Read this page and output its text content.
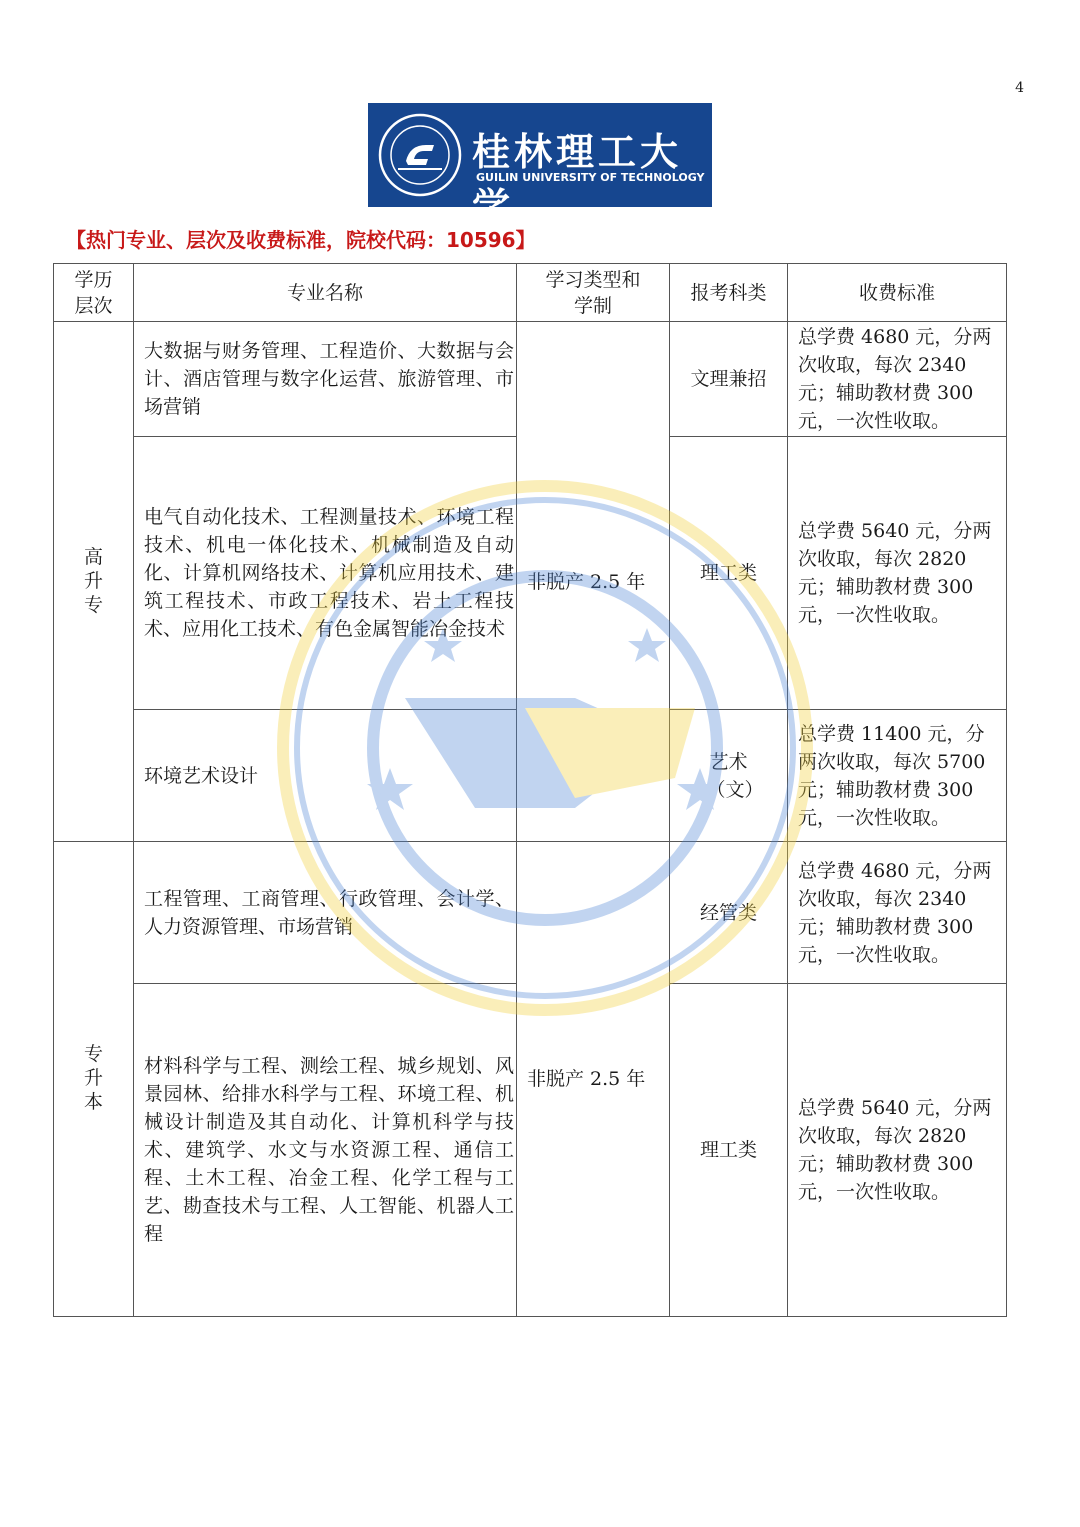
4
桂林理工大学
GUILIN UNIVERSITY OF TECHNOLOGY
【热门专业、层次及收费标准，院校代码：10596】
学历层次	专业名称	学习类型和学制	报考科类	收费标准
高升专	大数据与财务管理、工程造价、大数据与会计、酒店管理与数字化运营、旅游管理、市场营销	非脱产 2.5 年	文理兼招	总学费 4680 元，分两次收取，每次 2340 元；辅助教材费 300 元，一次性收取。
	电气自动化技术、工程测量技术、环境工程技术、机电一体化技术、机械制造及自动化、计算机网络技术、计算机应用技术、建筑工程技术、市政工程技术、岩土工程技术、应用化工技术、有色金属智能冶金技术		理工类	总学费 5640 元，分两次收取，每次 2820 元；辅助教材费 300 元，一次性收取。
	环境艺术设计		艺术（文）	总学费 11400 元，分两次收取，每次 5700 元；辅助教材费 300 元，一次性收取。
专升本	工程管理、工商管理、行政管理、会计学、人力资源管理、市场营销	非脱产 2.5 年	经管类	总学费 4680 元，分两次收取，每次 2340 元；辅助教材费 300 元，一次性收取。
	材料科学与工程、测绘工程、城乡规划、风景园林、给排水科学与工程、环境工程、机械设计制造及其自动化、计算机科学与技术、建筑学、水文与水资源工程、通信工程、土木工程、冶金工程、化学工程与工艺、勘查技术与工程、人工智能、机器人工程		理工类	总学费 5640 元，分两次收取，每次 2820 元；辅助教材费 300 元，一次性收取。
